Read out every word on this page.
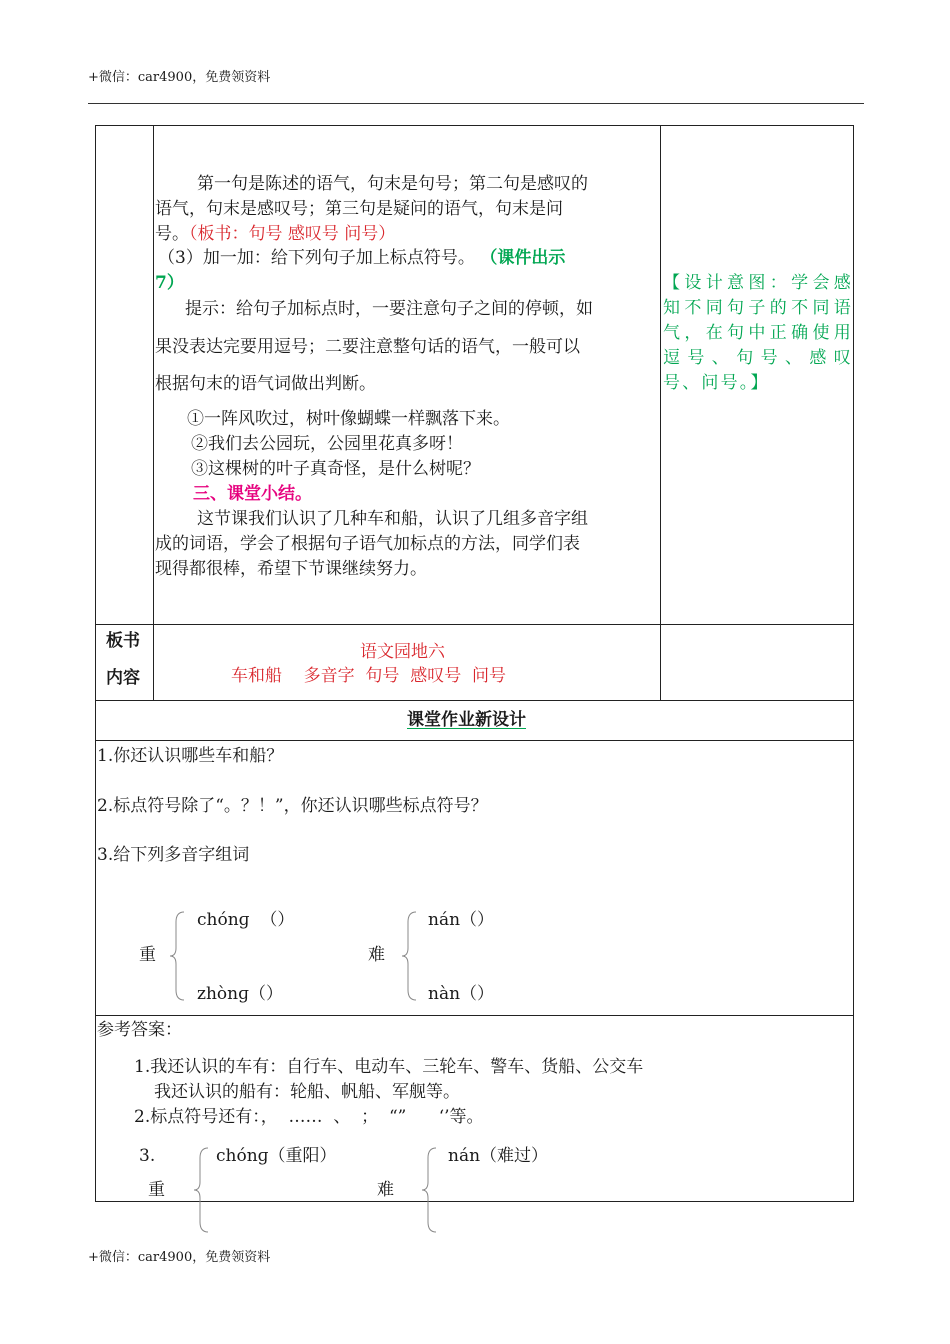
+微信：car4900，免费领资料
第一句是陈述的语气，句末是句号；第二句是感叹的
语气，句末是感叹号；第三句是疑问的语气，句末是问
号。（板书：句号 感叹号 问号）
（3）加一加：给下列句子加上标点符号。 （课件出示
7）
提示：给句子加标点时，一要注意句子之间的停顿，如
果没表达完要用逗号；二要注意整句话的语气，一般可以
根据句末的语气词做出判断。
①一阵风吹过，树叶像蝴蝶一样飘落下来。
②我们去公园玩，公园里花真多呀！
③这棵树的叶子真奇怪，是什么树呢？
三、课堂小结。
这节课我们认识了几种车和船，认识了几组多音字组
成的词语，学会了根据句子语气加标点的方法，同学们表
现得都很棒，希望下节课继续努力。
【设计意图：学会感知不同句子的不同语气，在句中正确使用逗号、句号、感叹号、问号。】
板书
内容
语文园地六
车和船    多音字  句号  感叹号  问号
课堂作业新设计
1.你还认识哪些车和船？
2.标点符号除了“。？！”，你还认识哪些标点符号？
3.给下列多音字组词
重
chónɡ  （）
zhònɡ（）
难
nán（）
nàn（）
参考答案：
1.我还认识的车有：自行车、电动车、三轮车、警车、货船、公交车
我还认识的船有：轮船、帆船、军舰等。
2.标点符号还有：，  ……  、  ；  “”      ‘’等。
3.
重
chónɡ（重阳）
难
nán（难过）
+微信：car4900，免费领资料
